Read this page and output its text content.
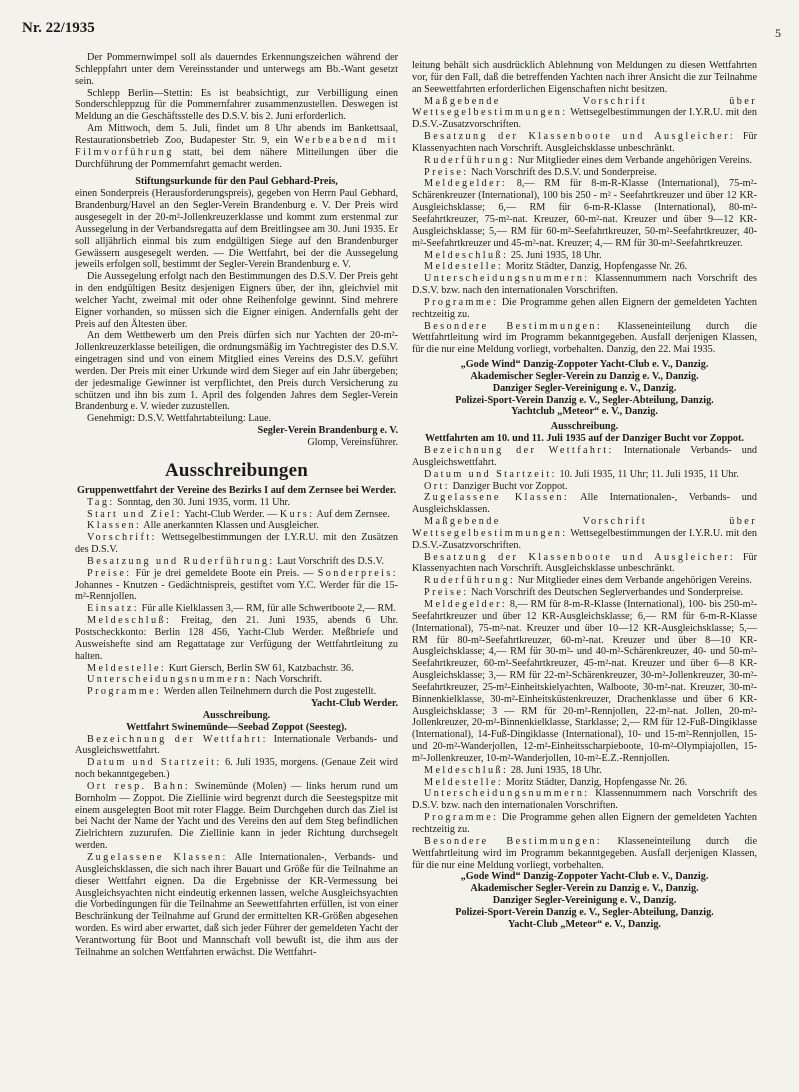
Nr. 22/1935	5

Der Pommernwimpel soll als dauerndes Erkennungszeichen während der Schleppfahrt unter dem Vereinsstander und unterwegs am Bb.-Want gesetzt sein.

Schlepp Berlin—Stettin: Es ist beabsichtigt, zur Verbilligung einen Sonderschleppzug für die Pommernfahrer zusammenzustellen. Deswegen ist Meldung an die Geschäftsstelle des D.S.V. bis 2. Juni erforderlich.

Am Mittwoch, dem 5. Juli, findet um 8 Uhr abends im Bankettsaal, Restaurationsbetrieb Zoo, Budapester Str. 9, ein Werbeabend mit Filmvorführung statt, bei dem nähere Mitteilungen über die Durchführung der Pommernfahrt gemacht werden.

Stiftungsurkunde für den Paul Gebhard-Preis,

einen Sonderpreis (Herausforderungspreis), gegeben von Herrn Paul Gebhard, Brandenburg/Havel an den Segler-Verein Brandenburg e. V. Der Preis wird ausgesegelt in der 20-m²-Jollenkreuzerklasse und kommt zum erstenmal zur Aussegelung in der Verbandsregatta auf dem Breitlingsee am 30. Juni 1935. Er soll alljährlich einmal bis zum endgültigen Siege auf den Brandenburger Gewässern ausgesegelt werden. — Die Wettfahrt, bei der die Aussegelung jeweils erfolgen soll, bestimmt der Segler-Verein Brandenburg e. V.

Die Aussegelung erfolgt nach den Bestimmungen des D.S.V. Der Preis geht in den endgültigen Besitz desjenigen Eigners über, der ihn, gleichviel mit welcher Yacht, zweimal mit oder ohne Reihenfolge gewinnt. Sind mehrere Eigner vorhanden, so müssen sich die Eigner einigen. Andernfalls geht der Preis auf den Ältesten über.

An dem Wettbewerb um den Preis dürfen sich nur Yachten der 20-m²-Jollenkreuzerklasse beteiligen, die ordnungsmäßig im Yachtregister des D.S.V. eingetragen sind und von einem Mitglied eines Vereins des D.S.V. geführt werden. Der Preis mit einer Urkunde wird dem Sieger auf ein Jahr übergeben; der jedesmalige Gewinner ist verpflichtet, den Preis durch Versicherung zu schützen und ihn bis zum 1. April des folgenden Jahres dem Segler-Verein Brandenburg e. V. wieder zuzustellen.

Genehmigt: D.S.V. Wettfahrtabteilung: Laue.

Segler-Verein Brandenburg e. V.

Glomp, Vereinsführer.

Ausschreibungen

Gruppenwettfahrt der Vereine des Bezirks I auf dem Zernsee bei Werder.

Tag: Sonntag, den 30. Juni 1935, vorm. 11 Uhr.

Start und Ziel: Yacht-Club Werder. — Kurs: Auf dem Zernsee.

Klassen: Alle anerkannten Klassen und Ausgleicher.

Vorschrift: Wettsegelbestimmungen der I.Y.R.U. mit den Zusätzen des D.S.V.

Besatzung und Ruderführung: Laut Vorschrift des D.S.V.

Preise: Für je drei gemeldete Boote ein Preis. — Sonderpreis: Johannes - Knutzen - Gedächtnispreis, gestiftet vom Y.C. Werder für die 15-m²-Rennjollen.

Einsatz: Für alle Kielklassen 3,— RM, für alle Schwertboote 2,— RM.

Meldeschluß: Freitag, den 21. Juni 1935, abends 6 Uhr. Postscheckkonto: Berlin 128 456, Yacht-Club Werder. Meßbriefe und Ausweishefte sind am Regattatage zur Verfügung der Wettfahrtleitung zu halten.

Meldestelle: Kurt Giersch, Berlin SW 61, Katzbachstr. 36.

Unterscheidungsnummern: Nach Vorschrift.

Programme: Werden allen Teilnehmern durch die Post zugestellt.

Yacht-Club Werder.

Ausschreibung.

Wettfahrt Swinemünde—Seebad Zoppot (Seesteg).

Bezeichnung der Wettfahrt: Internationale Verbands- und Ausgleichswettfahrt.

Datum und Startzeit: 6. Juli 1935, morgens. (Genaue Zeit wird noch bekanntgegeben.)

Ort resp. Bahn: Swinemünde (Molen) — links herum rund um Bornholm — Zoppot. Die Ziellinie wird begrenzt durch die Seestegspitze mit einem ausgelegten Boot mit roter Flagge. Beim Durchgehen durch das Ziel ist bei Nacht der Name der Yacht und des Vereins den auf dem Steg befindlichen Zielrichtern zuzurufen. Die Ziellinie kann in jeder Richtung durchsegelt werden.

Zugelassene Klassen: Alle Internationalen-, Verbands- und Ausgleichsklassen, die sich nach ihrer Bauart und Größe für die Teilnahme an dieser Wettfahrt eignen. Da die Ergebnisse der KR-Vermessung bei Ausgleichsyachten nicht eindeutig erkennen lassen, welche Ausgleichsyachten die Vorbedingungen für die Teilnahme an Seewettfahrten erfüllen, ist von einer Beschränkung der Teilnahme auf Grund der ermittelten KR-Größen abgesehen worden. Es wird aber erwartet, daß sich jeder Führer der gemeldeten Yacht der Verantwortung für Boot und Mannschaft voll bewußt ist, die ihm aus der Teilnahme an solchen Wettfahrten erwächst. Die Wettfahrt-

leitung behält sich ausdrücklich Ablehnung von Meldungen zu diesen Wettfahrten vor, für den Fall, daß die betreffenden Yachten nach ihrer Ansicht die zur Teilnahme an Seewettfahrten erforderlichen Eigenschaften nicht besitzen.

Maßgebende Vorschrift über Wettsegelbestimmungen: Wettsegelbestimmungen der I.Y.R.U. mit den D.S.V.-Zusatzvorschriften.

Besatzung der Klassenboote und Ausgleicher: Für Klassenyachten nach Vorschrift. Ausgleichsklasse unbeschränkt.

Ruderführung: Nur Mitglieder eines dem Verbande angehörigen Vereins.

Preise: Nach Vorschrift des D.S.V. und Sonderpreise.

Meldegelder: 8,— RM für 8-m-R-Klasse (International), 75-m²-Schärenkreuzer (International), 100 bis 250 - m² - Seefahrtkreuzer und über 12 KR-Ausgleichsklasse; 6,— RM für 6-m-R-Klasse (International), 80-m²-Seefahrtkreuzer, 75-m²-nat. Kreuzer, 60-m²-nat. Kreuzer und über 9—12 KR-Ausgleichsklasse; 5,— RM für 60-m²-Seefahrtkreuzer, 50-m²-Seefahrtkreuzer, 40-m²-Seefahrtkreuzer und 45-m²-nat. Kreuzer; 4,— RM für 30-m²-Seefahrtkreuzer.

Meldeschluß: 25. Juni 1935, 18 Uhr.

Meldestelle: Moritz Städter, Danzig, Hopfengasse Nr. 26.

Unterscheidungsnummern: Klassennummern nach Vorschrift des D.S.V. bzw. nach den internationalen Vorschriften.

Programme: Die Programme gehen allen Eignern der gemeldeten Yachten rechtzeitig zu.

Besondere Bestimmungen: Klasseneinteilung durch die Wettfahrtleitung wird im Programm bekanntgegeben. Ausfall derjenigen Klassen, für die nur eine Meldung vorliegt, vorbehalten. Danzig, den 22. Mai 1935.

„Gode Wind“ Danzig-Zoppoter Yacht-Club e. V., Danzig.

Akademischer Segler-Verein zu Danzig e. V., Danzig.

Danziger Segler-Vereinigung e. V., Danzig.

Polizei-Sport-Verein Danzig e. V., Segler-Abteilung, Danzig.

Yachtclub „Meteor“ e. V., Danzig.

Ausschreibung.

Wettfahrten am 10. und 11. Juli 1935 auf der Danziger Bucht vor Zoppot.

Bezeichnung der Wettfahrt: Internationale Verbands- und Ausgleichswettfahrt.

Datum und Startzeit: 10. Juli 1935, 11 Uhr; 11. Juli 1935, 11 Uhr.

Ort: Danziger Bucht vor Zoppot.

Zugelassene Klassen: Alle Internationalen-, Verbands- und Ausgleichsklassen.

Maßgebende Vorschrift über Wettsegelbestimmungen: Wettsegelbestimmungen der I.Y.R.U. mit den D.S.V.-Zusatzvorschriften.

Besatzung der Klassenboote und Ausgleicher: Für Klassenyachten nach Vorschrift. Ausgleichsklasse unbeschränkt.

Ruderführung: Nur Mitglieder eines dem Verbande angehörigen Vereins.

Preise: Nach Vorschrift des Deutschen Seglerverbandes und Sonderpreise.

Meldegelder: 8,— RM für 8-m-R-Klasse (International), 100- bis 250-m²-Seefahrtkreuzer und über 12 KR-Ausgleichsklasse; 6,— RM für 6-m-R-Klasse (International), 75-m²-nat. Kreuzer und über 10—12 KR-Ausgleichsklasse; 5,— RM für 80-m²-Seefahrtkreuzer, 60-m²-nat. Kreuzer und über 8—10 KR-Ausgleichsklasse; 4,— RM für 30-m²- und 40-m²-Schärenkreuzer, 40- und 50-m²-Seefahrtkreuzer, 60-m²-Seefahrtkreuzer, 45-m²-nat. Kreuzer und über 6—8 KR-Ausgleichsklasse; 3,— RM für 22-m²-Schärenkreuzer, 30-m²-Jollenkreuzer, 30-m²-Seefahrtkreuzer, 25-m²-Einheitskielyachten, Walboote, 30-m²-nat. Kreuzer, 30-m²-Binnenkielklasse, 30-m²-Einheitsküstenkreuzer, Drachenklasse und über 6 KR-Ausgleichsklasse; 3 — RM für 20-m²-Rennjollen, 22-m²-nat. Jollen, 20-m²-Jollenkreuzer, 20-m²-Binnenkielklasse, Starklasse; 2,— RM für 12-Fuß-Dingiklasse (International), 14-Fuß-Dingiklasse (International), 10- und 15-m²-Rennjollen, 15- und 20-m²-Wanderjollen, 12-m²-Einheitsscharpieboote, 10-m²-Olympiajollen, 15-m²-Jollenkreuzer, 10-m²-Wanderjollen, 10-m²-E.Z.-Rennjollen.

Meldeschluß: 28. Juni 1935, 18 Uhr.

Meldestelle: Moritz Städter, Danzig, Hopfengasse Nr. 26.

Unterscheidungsnummern: Klassennummern nach Vorschrift des D.S.V. bzw. nach den internationalen Vorschriften.

Programme: Die Programme gehen allen Eignern der gemeldeten Yachten rechtzeitig zu.

Besondere Bestimmungen: Klasseneinteilung durch die Wettfahrtleitung wird im Programm bekanntgegeben. Ausfall derjenigen Klassen, für die nur eine Meldung vorliegt, vorbehalten.

„Gode Wind“ Danzig-Zoppoter Yacht-Club e. V., Danzig.

Akademischer Segler-Verein zu Danzig e. V., Danzig.

Danziger Segler-Vereinigung e. V., Danzig.

Polizei-Sport-Verein Danzig e. V., Segler-Abteilung, Danzig.

Yacht-Club „Meteor“ e. V., Danzig.
